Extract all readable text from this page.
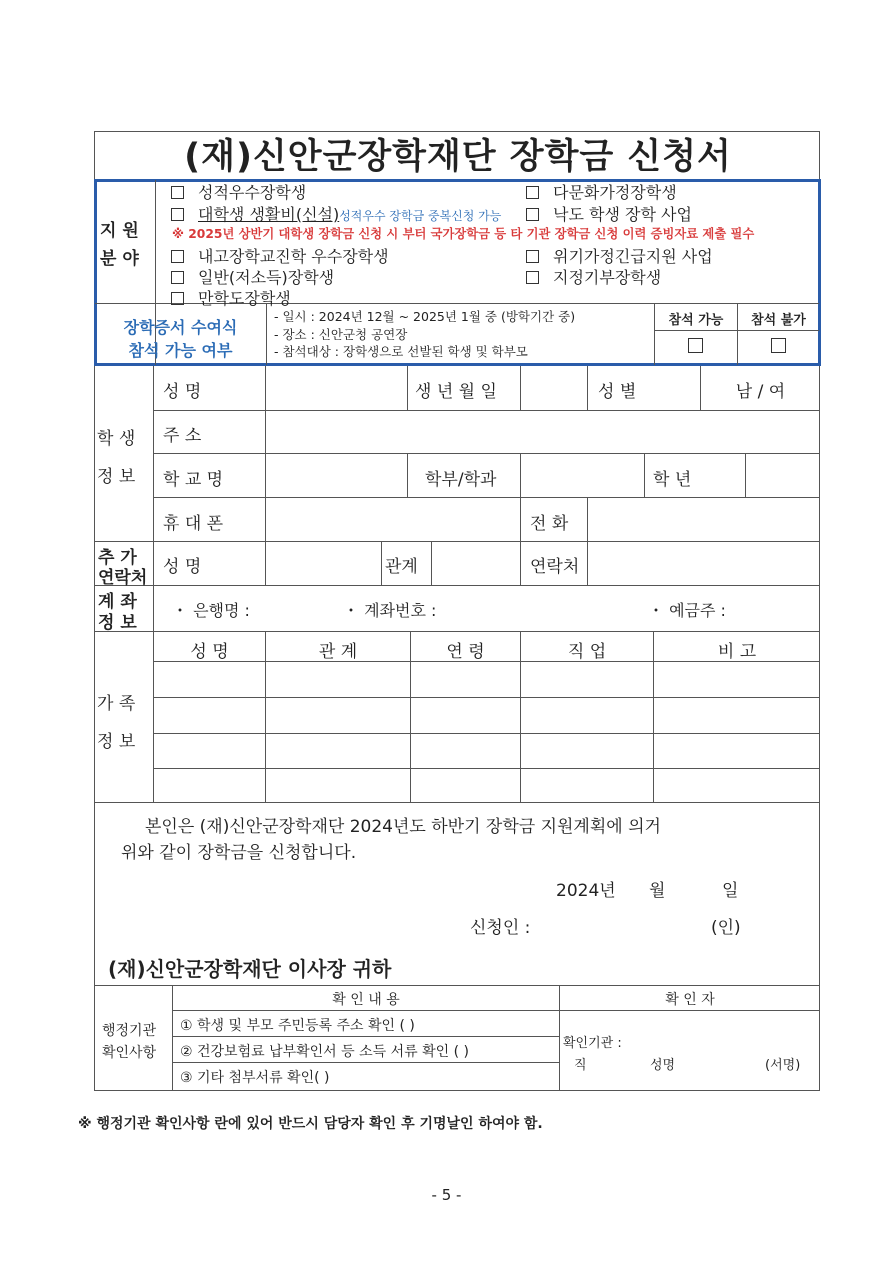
(재)신안군장학재단 장학금 신청서
지 원
분 야
성적우수장학생
대학생 생활비(신설)성적우수 장학금 중복신청 가능
※ 2025년 상반기 대학생 장학금 신청 시 부터 국가장학금 등 타 기관 장학금 신청 이력 증빙자료 제출 필수
내고장학교진학 우수장학생
일반(저소득)장학생
만학도장학생
다문화가정장학생
낙도 학생 장학 사업
위기가정긴급지원 사업
지정기부장학생
장학증서 수여식
참석 가능 여부
- 일시 : 2024년 12월 ~ 2025년 1월 중 (방학기간 중)
- 장소 : 신안군청 공연장
- 참석대상 : 장학생으로 선발된 학생 및 학부모
참석 가능	참석 불가
학 생
정 보
성 명	생 년 월 일	성 별	남 / 여
주 소
학 교 명	학부/학과	학 년
휴 대 폰	전 화
추 가
연락처
성 명	관계	연락처
계 좌
정 보
・ 은행명 :	・ 계좌번호 :	・ 예금주 :
가 족
정 보
성 명	관 계	연 령	직 업	비 고
본인은 (재)신안군장학재단 2024년도 하반기 장학금 지원계획에 의거
위와 같이 장학금을 신청합니다.
2024년 월	일
신청인 :	(인)
(재)신안군장학재단 이사장 귀하
행정기관
확인사항
확 인 내 용	확 인 자
① 학생 및 부모 주민등록 주소 확인 ( )
② 건강보험료 납부확인서 등 소득 서류 확인 ( )
③ 기타 첨부서류 확인( )
확인기관 :
직	성명	(서명)
※ 행정기관 확인사항 란에 있어 반드시 담당자 확인 후 기명날인 하여야 함.
- 5 -
